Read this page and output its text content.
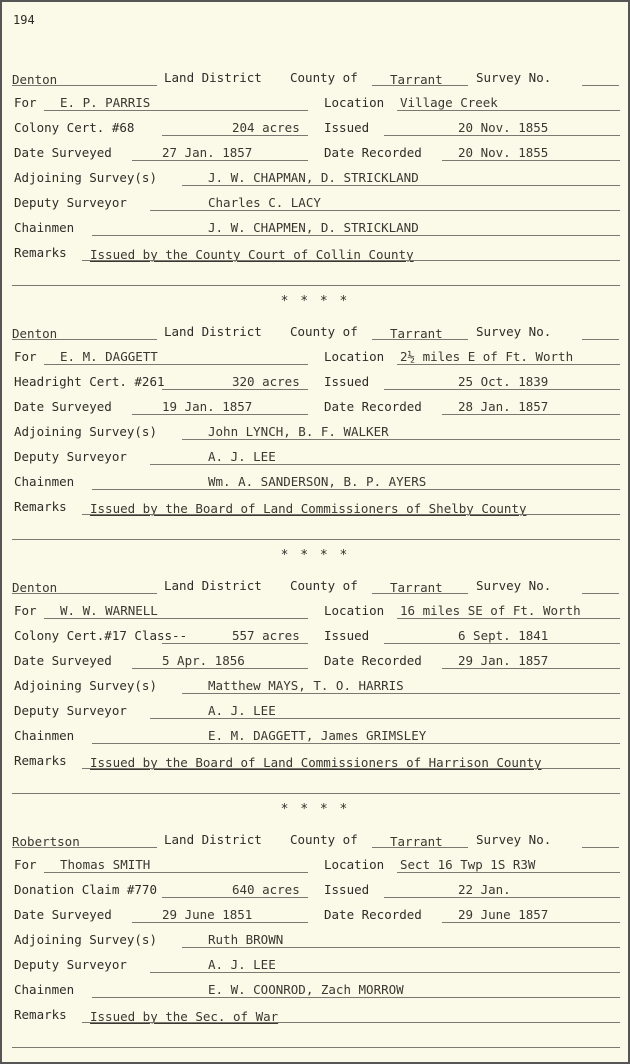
194
Denton	Land District County of	Tarrant	Survey No.
For E. P. PARRIS	Location Village Creek
Colony Cert. #68	204 acres Issued	20 Nov. 1855
Date Surveyed	27 Jan. 1857	Date Recorded	20 Nov. 1855
Adjoining Survey(s)	J. W. CHAPMAN, D. STRICKLAND
Deputy Surveyor	Charles C. LACY
Chainmen	J. W. CHAPMEN, D. STRICKLAND
Remarks Issued by the County Court of Collin County
Denton	Land District County of	Tarrant	Survey No.
For E. M. DAGGETT	Location 2½ miles E of Ft. Worth
Headright Cert. #261	320 acres Issued	25 Oct. 1839
Date Surveyed	19 Jan. 1857	Date Recorded	28 Jan. 1857
Adjoining Survey(s)	John LYNCH, B. F. WALKER
Deputy Surveyor	A. J. LEE
Chainmen	Wm. A. SANDERSON, B. P. AYERS
Remarks Issued by the Board of Land Commissioners of Shelby County
Denton	Land District County of	Tarrant	Survey No.
For W. W. WARNELL	Location 16 miles SE of Ft. Worth
Colony Cert.#17 Class--	557 acres Issued	6 Sept. 1841
Date Surveyed	5 Apr. 1856	Date Recorded	29 Jan. 1857
Adjoining Survey(s)	Matthew MAYS, T. O. HARRIS
Deputy Surveyor	A. J. LEE
Chainmen	E. M. DAGGETT, James GRIMSLEY
Remarks Issued by the Board of Land Commissioners of Harrison County
Robertson	Land District County of	Tarrant	Survey No.
For Thomas SMITH	Location Sect 16 Twp 1S R3W
Donation Claim #770	640 acres Issued	22 Jan.
Date Surveyed	29 June 1851	Date Recorded	29 June 1857
Adjoining Survey(s)	Ruth BROWN
Deputy Surveyor	A. J. LEE
Chainmen	E. W. COONROD, Zach MORROW
Remarks Issued by the Sec. of War
* * * *
* * * *
* * * *
